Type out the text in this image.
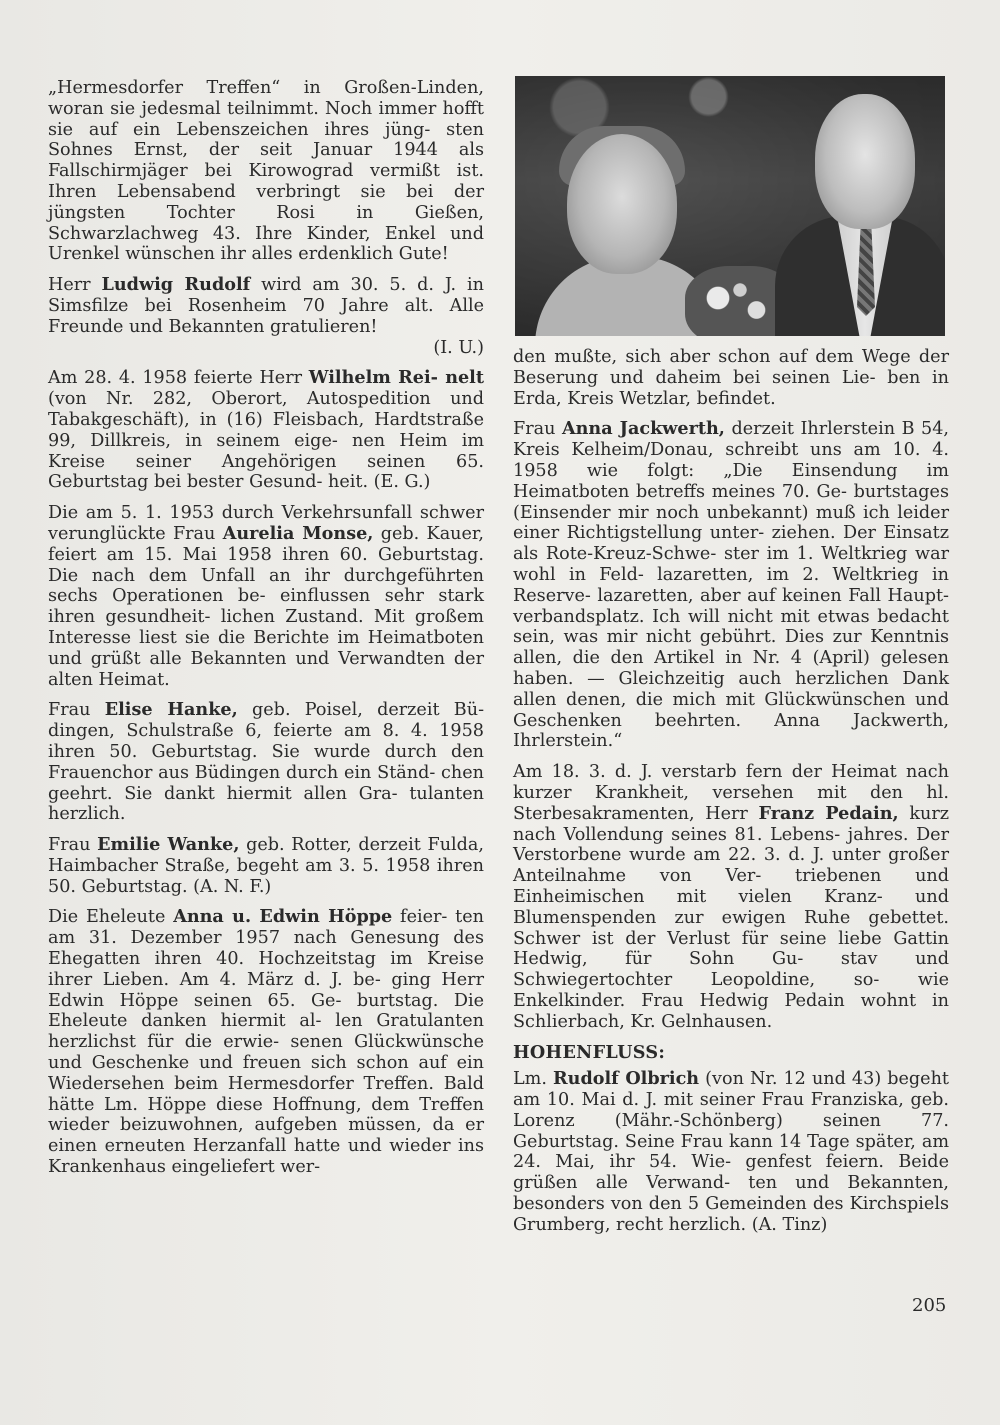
„Hermesdorfer Treffen“ in Großen-Linden, woran sie jedesmal teilnimmt. Noch immer hofft sie auf ein Lebenszeichen ihres jüng- sten Sohnes Ernst, der seit Januar 1944 als Fallschirmjäger bei Kirowograd vermißt ist. Ihren Lebensabend verbringt sie bei der jüngsten Tochter Rosi in Gießen, Schwarzlachweg 43. Ihre Kinder, Enkel und Urenkel wünschen ihr alles erdenklich Gute!

Herr Ludwig Rudolf wird am 30. 5. d. J. in Simsfilze bei Rosenheim 70 Jahre alt. Alle Freunde und Bekannten gratulieren!
(I. U.)

Am 28. 4. 1958 feierte Herr Wilhelm Rei- nelt (von Nr. 282, Oberort, Autospedition und Tabakgeschäft), in (16) Fleisbach, Hardtstraße 99, Dillkreis, in seinem eige- nen Heim im Kreise seiner Angehörigen seinen 65. Geburtstag bei bester Gesund- heit. (E. G.)

Die am 5. 1. 1953 durch Verkehrsunfall schwer verunglückte Frau Aurelia Monse, geb. Kauer, feiert am 15. Mai 1958 ihren 60. Geburtstag. Die nach dem Unfall an ihr durchgeführten sechs Operationen be- einflussen sehr stark ihren gesundheit- lichen Zustand. Mit großem Interesse liest sie die Berichte im Heimatboten und grüßt alle Bekannten und Verwandten der alten Heimat.

Frau Elise Hanke, geb. Poisel, derzeit Bü- dingen, Schulstraße 6, feierte am 8. 4. 1958 ihren 50. Geburtstag. Sie wurde durch den Frauenchor aus Büdingen durch ein Ständ- chen geehrt. Sie dankt hiermit allen Gra- tulanten herzlich.

Frau Emilie Wanke, geb. Rotter, derzeit Fulda, Haimbacher Straße, begeht am 3. 5. 1958 ihren 50. Geburtstag. (A. N. F.)

Die Eheleute Anna u. Edwin Höppe feier- ten am 31. Dezember 1957 nach Genesung des Ehegatten ihren 40. Hochzeitstag im Kreise ihrer Lieben. Am 4. März d. J. be- ging Herr Edwin Höppe seinen 65. Ge- burtstag. Die Eheleute danken hiermit al- len Gratulanten herzlichst für die erwie- senen Glückwünsche und Geschenke und freuen sich schon auf ein Wiedersehen beim Hermesdorfer Treffen. Bald hätte Lm. Höppe diese Hoffnung, dem Treffen wieder beizuwohnen, aufgeben müssen, da er einen erneuten Herzanfall hatte und wieder ins Krankenhaus eingeliefert wer-

den mußte, sich aber schon auf dem Wege der Beserung und daheim bei seinen Lie- ben in Erda, Kreis Wetzlar, befindet.

Frau Anna Jackwerth, derzeit Ihrlerstein B 54, Kreis Kelheim/Donau, schreibt uns am 10. 4. 1958 wie folgt: „Die Einsendung im Heimatboten betreffs meines 70. Ge- burtstages (Einsender mir noch unbekannt) muß ich leider einer Richtigstellung unter- ziehen. Der Einsatz als Rote-Kreuz-Schwe- ster im 1. Weltkrieg war wohl in Feld- lazaretten, im 2. Weltkrieg in Reserve- lazaretten, aber auf keinen Fall Haupt- verbandsplatz. Ich will nicht mit etwas bedacht sein, was mir nicht gebührt. Dies zur Kenntnis allen, die den Artikel in Nr. 4 (April) gelesen haben. — Gleichzeitig auch herzlichen Dank allen denen, die mich mit Glückwünschen und Geschenken beehrten. Anna Jackwerth, Ihrlerstein.“

Am 18. 3. d. J. verstarb fern der Heimat nach kurzer Krankheit, versehen mit den hl. Sterbesakramenten, Herr Franz Pedain, kurz nach Vollendung seines 81. Lebens- jahres. Der Verstorbene wurde am 22. 3. d. J. unter großer Anteilnahme von Ver- triebenen und Einheimischen mit vielen Kranz- und Blumenspenden zur ewigen Ruhe gebettet. Schwer ist der Verlust für seine liebe Gattin Hedwig, für Sohn Gu- stav und Schwiegertochter Leopoldine, so- wie Enkelkinder. Frau Hedwig Pedain wohnt in Schlierbach, Kr. Gelnhausen.

HOHENFLUSS:

Lm. Rudolf Olbrich (von Nr. 12 und 43) begeht am 10. Mai d. J. mit seiner Frau Franziska, geb. Lorenz (Mähr.-Schönberg) seinen 77. Geburtstag. Seine Frau kann 14 Tage später, am 24. Mai, ihr 54. Wie- genfest feiern. Beide grüßen alle Verwand- ten und Bekannten, besonders von den 5 Gemeinden des Kirchspiels Grumberg, recht herzlich. (A. Tinz)

205
